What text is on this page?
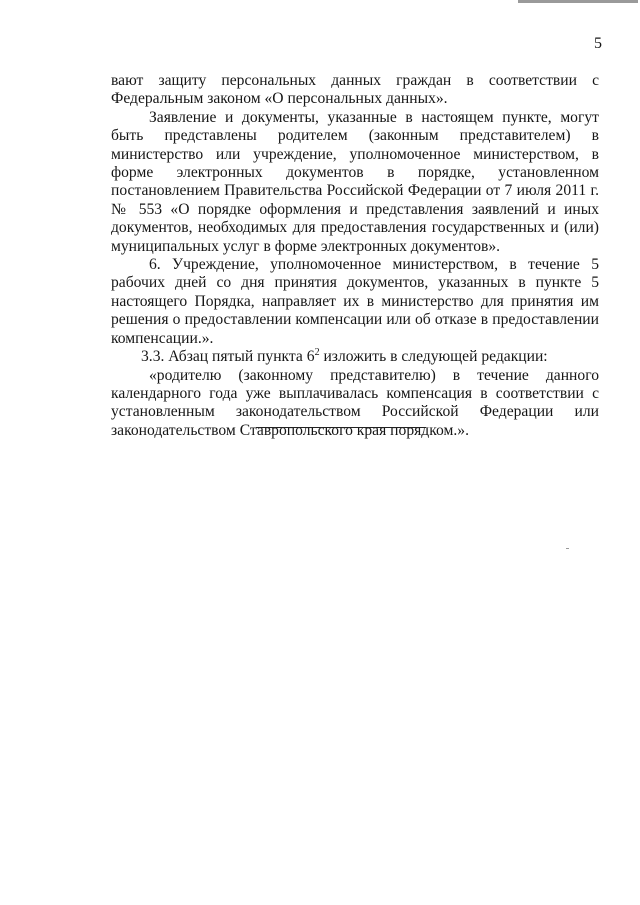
5

вают защиту персональных данных граждан в соответствии с Федеральным законом «О персональных данных».

Заявление и документы, указанные в настоящем пункте, могут быть представлены родителем (законным представителем) в министерство или учреждение, уполномоченное министерством, в форме электронных документов в порядке, установленном постановлением Правительства Российской Федерации от 7 июля 2011 г. № 553 «О порядке оформления и представления заявлений и иных документов, необходимых для предоставления государственных и (или) муниципальных услуг в форме электронных документов».

6. Учреждение, уполномоченное министерством, в течение 5 рабочих дней со дня принятия документов, указанных в пункте 5 настоящего Порядка, направляет их в министерство для принятия им решения о предоставлении компенсации или об отказе в предоставлении компенсации.».

3.3. Абзац пятый пункта $6^2$ изложить в следующей редакции:

«родителю (законному представителю) в течение данного календарного года уже выплачивалась компенсация в соответствии с установленным законодательством Российской Федерации или законодательством Ставропольского края порядком.».
